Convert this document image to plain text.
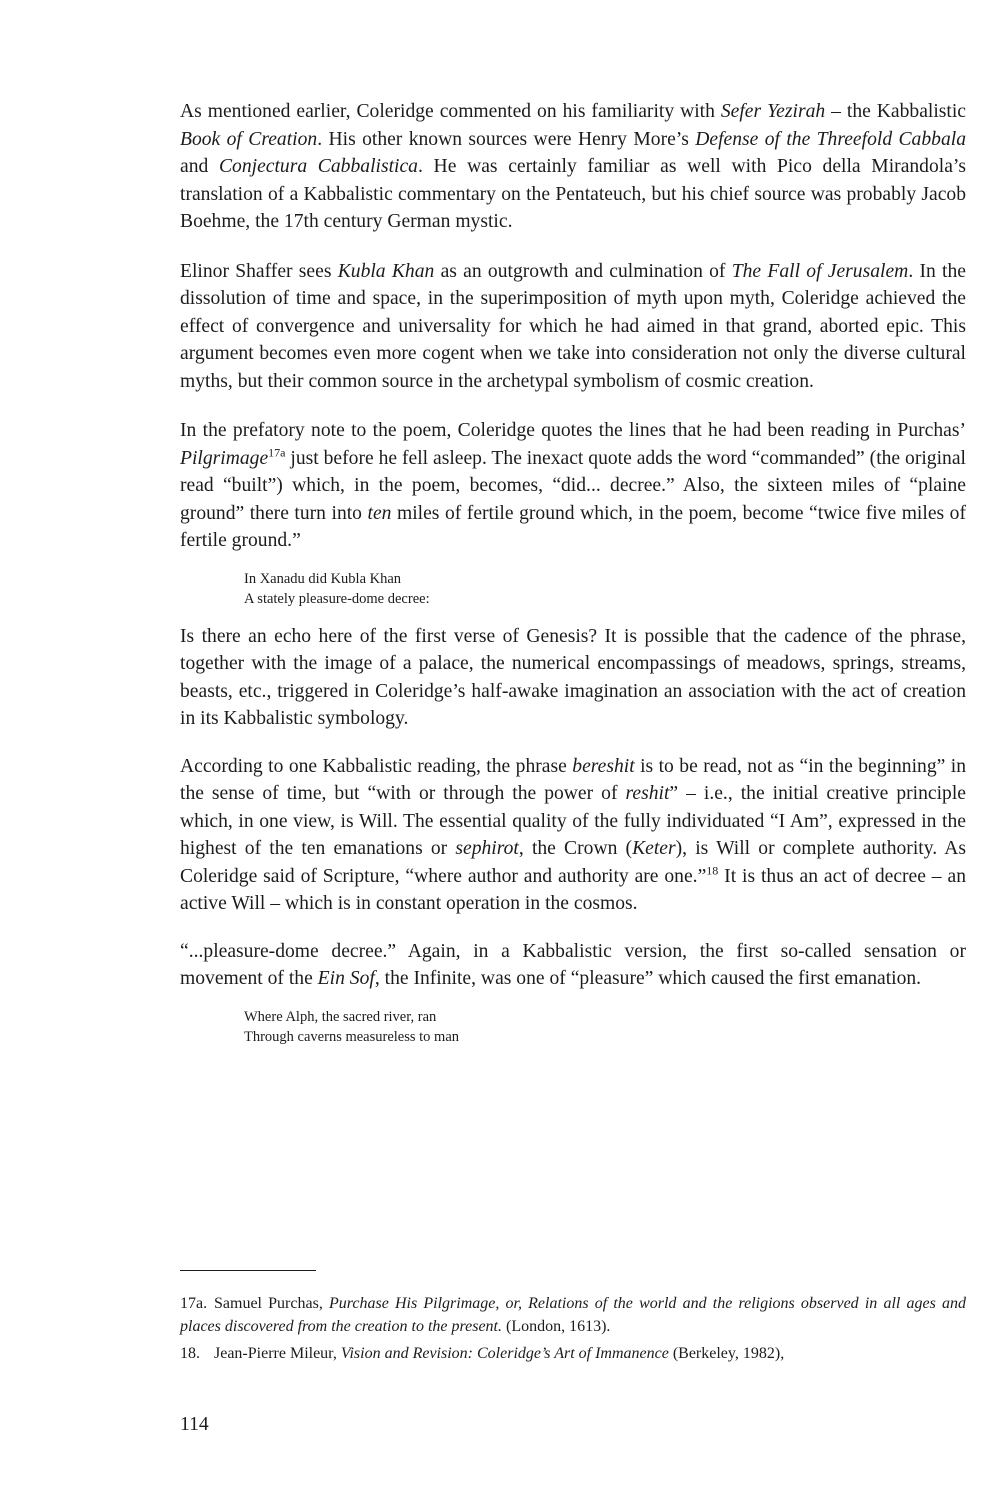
As mentioned earlier, Coleridge commented on his familiarity with Sefer Yezirah – the Kabbalistic Book of Creation. His other known sources were Henry More’s Defense of the Threefold Cabbala and Conjectura Cabbalistica. He was certainly familiar as well with Pico della Mirandola’s translation of a Kabbalistic commentary on the Pentateuch, but his chief source was probably Jacob Boehme, the 17th century German mystic.

Elinor Shaffer sees Kubla Khan as an outgrowth and culmination of The Fall of Jerusalem. In the dissolution of time and space, in the superimposition of myth upon myth, Coleridge achieved the effect of convergence and universality for which he had aimed in that grand, aborted epic. This argument becomes even more cogent when we take into consideration not only the diverse cultural myths, but their common source in the archetypal symbolism of cosmic creation.

In the prefatory note to the poem, Coleridge quotes the lines that he had been reading in Purchas’ Pilgrimage$^{17a}$ just before he fell asleep. The inexact quote adds the word “commanded” (the original read “built”) which, in the poem, becomes, “did... decree.” Also, the sixteen miles of “plaine ground” there turn into ten miles of fertile ground which, in the poem, become “twice five miles of fertile ground.”

In Xanadu did Kubla Khan
A stately pleasure-dome decree:

Is there an echo here of the first verse of Genesis? It is possible that the cadence of the phrase, together with the image of a palace, the numerical encompassings of meadows, springs, streams, beasts, etc., triggered in Coleridge’s half-awake imagination an association with the act of creation in its Kabbalistic symbology.

According to one Kabbalistic reading, the phrase bereshit is to be read, not as “in the beginning” in the sense of time, but “with or through the power of reshit” – i.e., the initial creative principle which, in one view, is Will. The essential quality of the fully individuated “I Am”, expressed in the highest of the ten emanations or sephirot, the Crown (Keter), is Will or complete authority. As Coleridge said of Scripture, “where author and authority are one.”$^{18}$ It is thus an act of decree – an active Will – which is in constant operation in the cosmos.

“...pleasure-dome decree.” Again, in a Kabbalistic version, the first so-called sensation or movement of the Ein Sof, the Infinite, was one of “pleasure” which caused the first emanation.

Where Alph, the sacred river, ran
Through caverns measureless to man

17a. Samuel Purchas, Purchase His Pilgrimage, or, Relations of the world and the religions observed in all ages and places discovered from the creation to the present. (London, 1613).

18. Jean-Pierre Mileur, Vision and Revision: Coleridge’s Art of Immanence (Berkeley, 1982),

114
